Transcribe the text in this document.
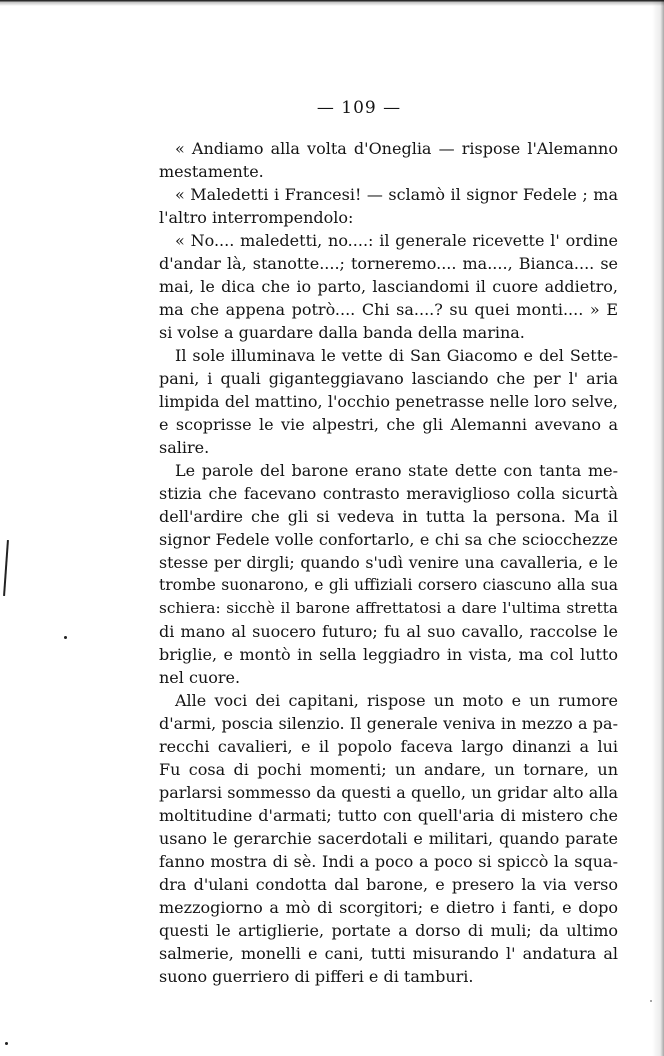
— 109 —
« Andiamo alla volta d'Oneglia — rispose l'Alemanno
mestamente.
« Maledetti i Francesi! — sclamò il signor Fedele ; ma
l'altro interrompendolo:
« No.... maledetti, no....: il generale ricevette l' ordine
d'andar là, stanotte....; torneremo.... ma...., Bianca.... se
mai, le dica che io parto, lasciandomi il cuore addietro,
ma che appena potrò.... Chi sa....? su quei monti.... » E
si volse a guardare dalla banda della marina.
Il sole illuminava le vette di San Giacomo e del Sette-
pani, i quali giganteggiavano lasciando che per l' aria
limpida del mattino, l'occhio penetrasse nelle loro selve,
e scoprisse le vie alpestri, che gli Alemanni avevano a
salire.
Le parole del barone erano state dette con tanta me-
stizia che facevano contrasto meraviglioso colla sicurtà
dell'ardire che gli si vedeva in tutta la persona. Ma il
signor Fedele volle confortarlo, e chi sa che sciocchezze
stesse per dirgli; quando s'udì venire una cavalleria, e le
trombe suonarono, e gli uffiziali corsero ciascuno alla sua
schiera: sicchè il barone affrettatosi a dare l'ultima stretta
di mano al suocero futuro; fu al suo cavallo, raccolse le
briglie, e montò in sella leggiadro in vista, ma col lutto
nel cuore.
Alle voci dei capitani, rispose un moto e un rumore
d'armi, poscia silenzio. Il generale veniva in mezzo a pa-
recchi cavalieri, e il popolo faceva largo dinanzi a lui
Fu cosa di pochi momenti; un andare, un tornare, un
parlarsi sommesso da questi a quello, un gridar alto alla
moltitudine d'armati; tutto con quell'aria di mistero che
usano le gerarchie sacerdotali e militari, quando parate
fanno mostra di sè. Indi a poco a poco si spiccò la squa-
dra d'ulani condotta dal barone, e presero la via verso
mezzogiorno a mò di scorgitori; e dietro i fanti, e dopo
questi le artiglierie, portate a dorso di muli; da ultimo
salmerie, monelli e cani, tutti misurando l' andatura al
suono guerriero di pifferi e di tamburi.
